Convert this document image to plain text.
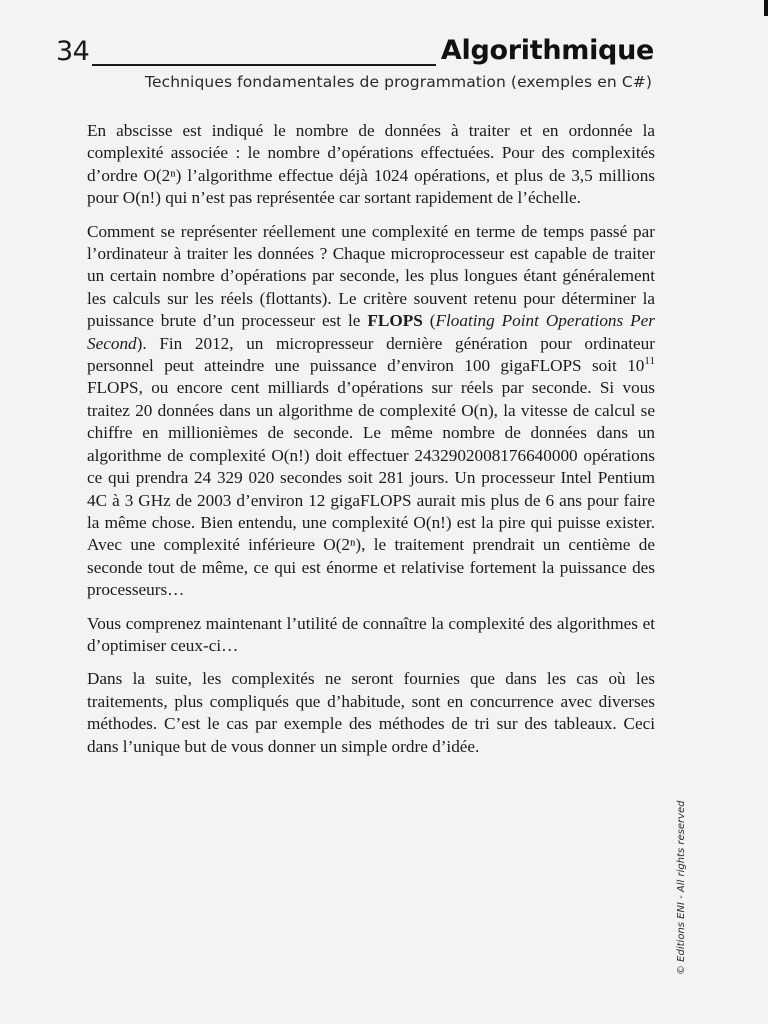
34	Algorithmique
Techniques fondamentales de programmation (exemples en C#)

En abscisse est indiqué le nombre de données à traiter et en ordonnée la complexité associée : le nombre d’opérations effectuées. Pour des complexités d’ordre O(2ⁿ) l’algorithme effectue déjà 1024 opérations, et plus de 3,5 millions pour O(n!) qui n’est pas représentée car sortant rapidement de l’échelle.

Comment se représenter réellement une complexité en terme de temps passé par l’ordinateur à traiter les données ? Chaque microprocesseur est capable de traiter un certain nombre d’opérations par seconde, les plus longues étant généralement les calculs sur les réels (flottants). Le critère souvent retenu pour déterminer la puissance brute d’un processeur est le FLOPS (Floating Point Operations Per Second). Fin 2012, un micropresseur dernière génération pour ordinateur personnel peut atteindre une puissance d’environ 100 gigaFLOPS soit $10^{11}$ FLOPS, ou encore cent milliards d’opérations sur réels par seconde. Si vous traitez 20 données dans un algorithme de complexité O(n), la vitesse de calcul se chiffre en millionièmes de seconde. Le même nombre de données dans un algorithme de complexité O(n!) doit effectuer 2432902008176640000 opérations ce qui prendra 24 329 020 secondes soit 281 jours. Un processeur Intel Pentium 4C à 3 GHz de 2003 d’environ 12 gigaFLOPS aurait mis plus de 6 ans pour faire la même chose. Bien entendu, une complexité O(n!) est la pire qui puisse exister. Avec une complexité inférieure O(2ⁿ), le traitement prendrait un centième de seconde tout de même, ce qui est énorme et relativise fortement la puissance des processeurs…

Vous comprenez maintenant l’utilité de connaître la complexité des algorithmes et d’optimiser ceux-ci…

Dans la suite, les complexités ne seront fournies que dans les cas où les traitements, plus compliqués que d’habitude, sont en concurrence avec diverses méthodes. C’est le cas par exemple des méthodes de tri sur des tableaux. Ceci dans l’unique but de vous donner un simple ordre d’idée.

© Editions ENI - All rights reserved
